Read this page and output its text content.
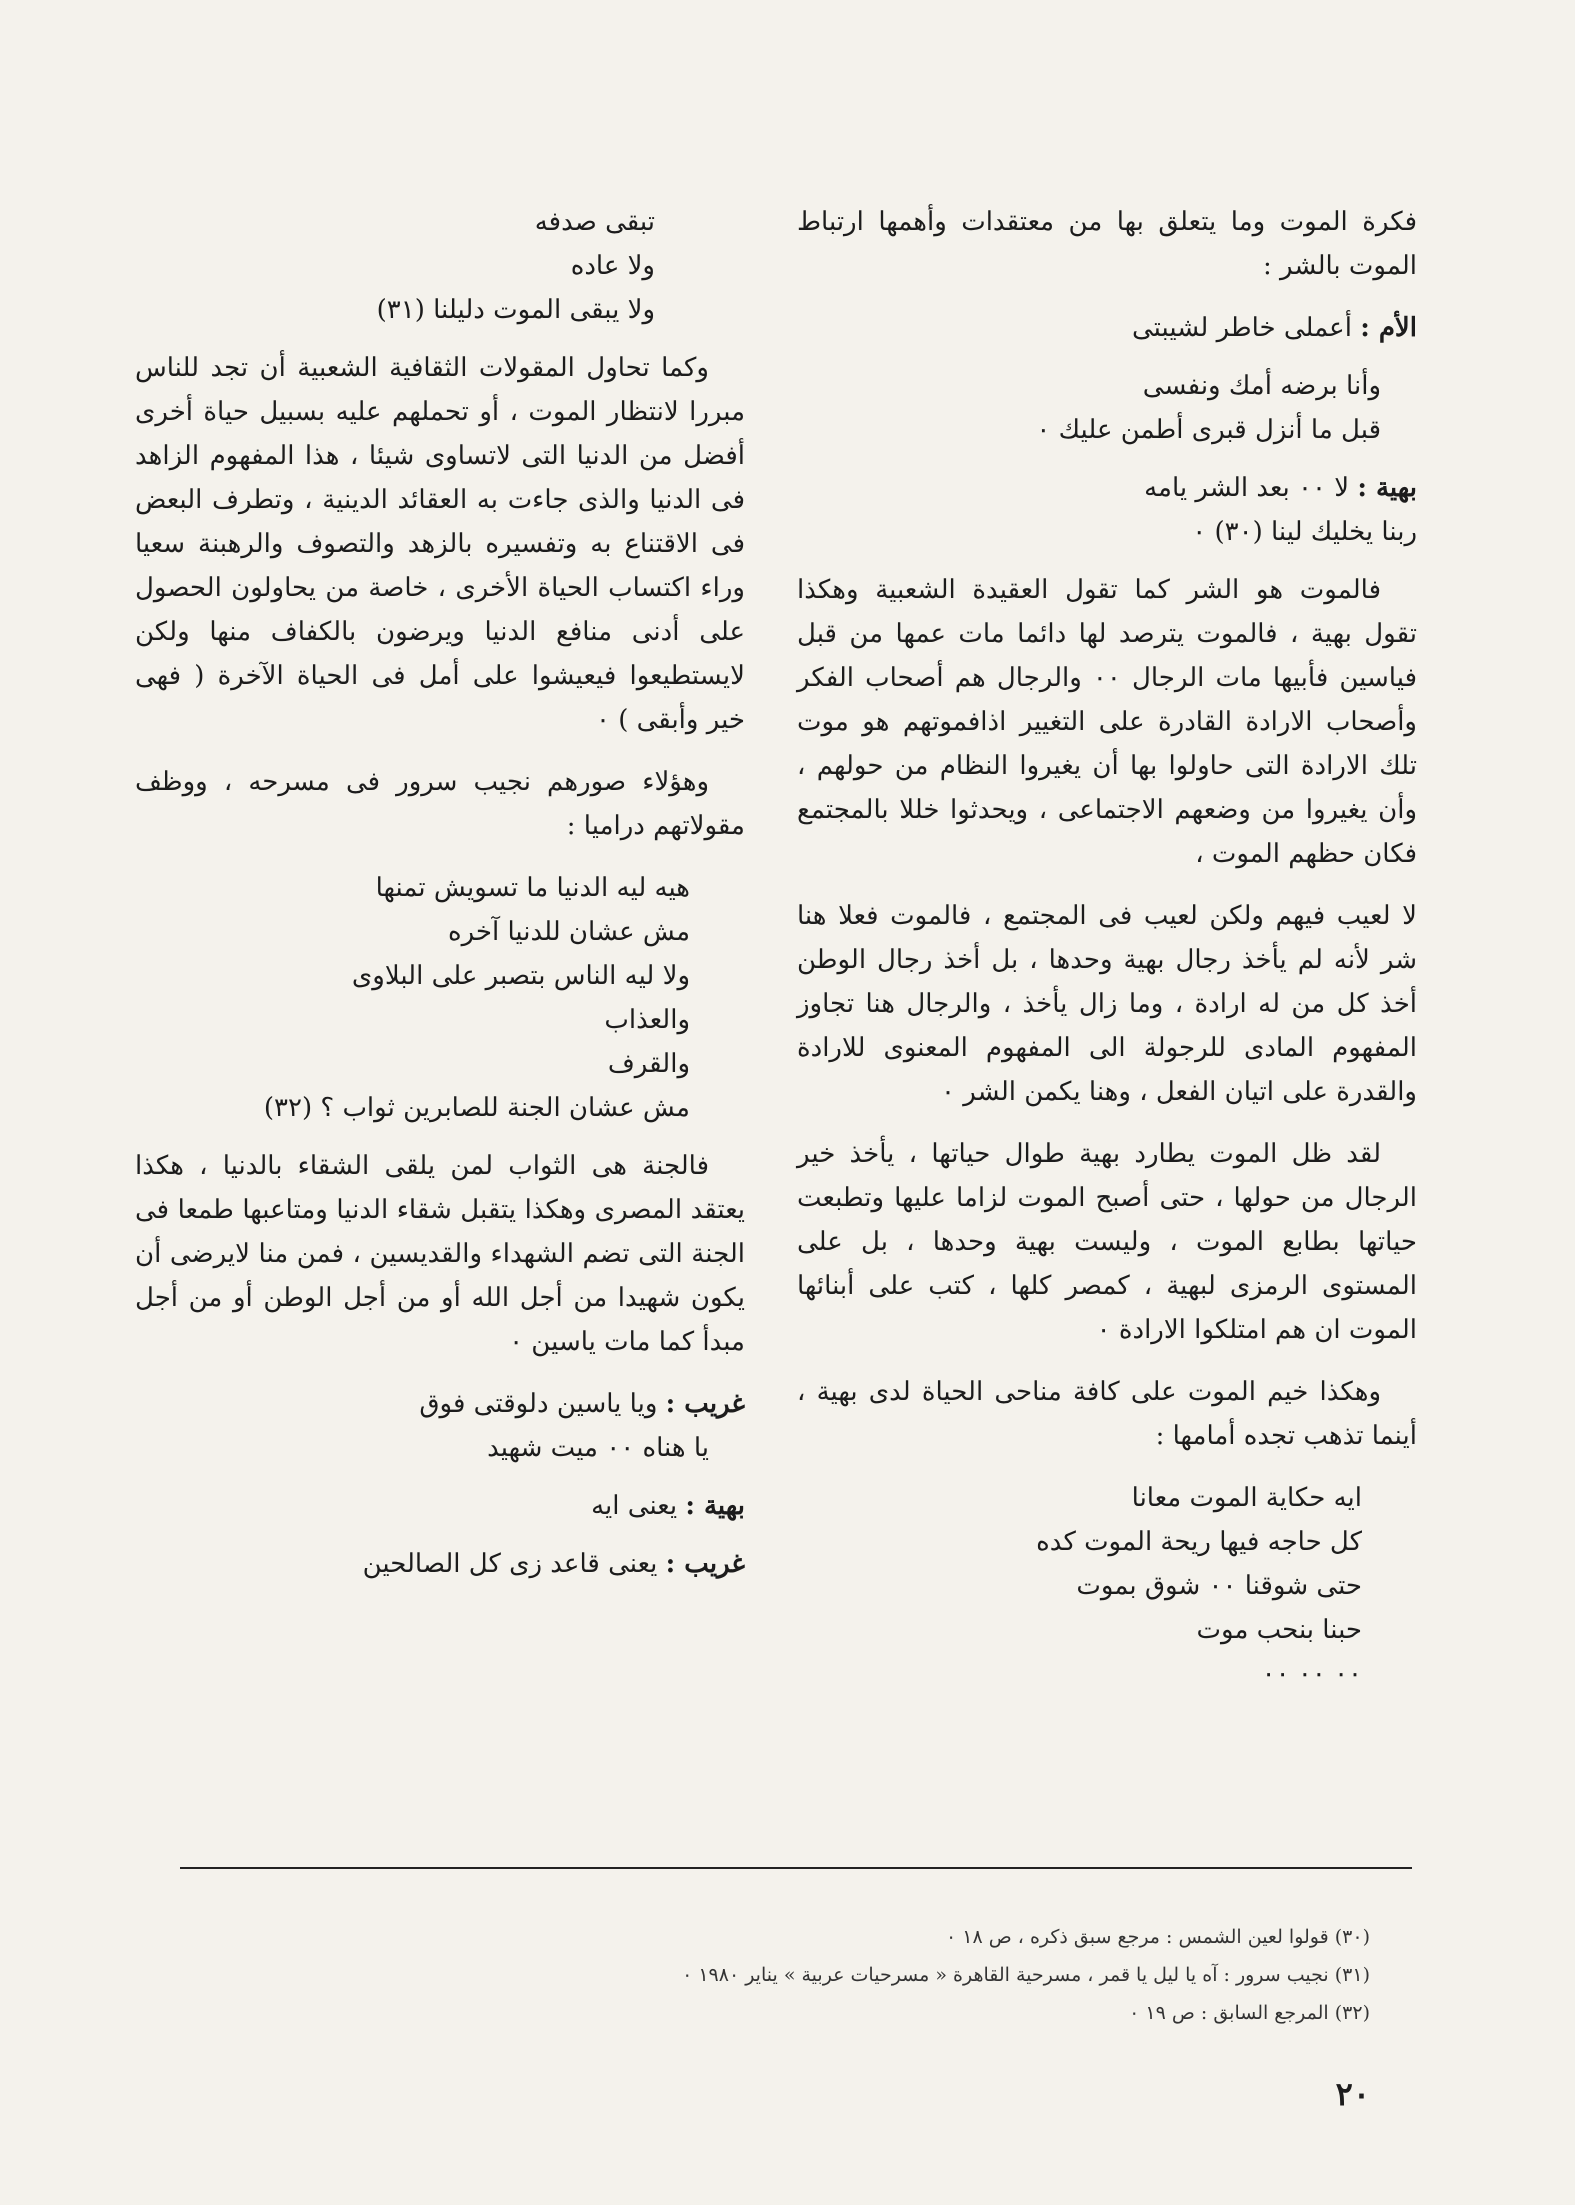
فكرة الموت وما يتعلق بها من معتقدات وأهمها ارتباط الموت بالشر :

الأم : أعملى خاطر لشيبتى
وأنا برضه أمك ونفسى
قبل ما أنزل قبرى أطمن عليك ٠
بهية : لا ٠٠ بعد الشر يامه
ربنا يخليك لينا (٣٠) ٠

فالموت هو الشر كما تقول العقيدة الشعبية وهكذا تقول بهية ، فالموت يترصد لها دائما مات عمها من قبل فياسين فأبيها مات الرجال ٠٠ والرجال هم أصحاب الفكر وأصحاب الارادة القادرة على التغيير اذافموتهم هو موت تلك الارادة التى حاولوا بها أن يغيروا النظام من حولهم ، وأن يغيروا من وضعهم الاجتماعى ، ويحدثوا خللا بالمجتمع فكان حظهم الموت ،

لا لعيب فيهم ولكن لعيب فى المجتمع ، فالموت فعلا هنا شر لأنه لم يأخذ رجال بهية وحدها ، بل أخذ رجال الوطن أخذ كل من له ارادة ، وما زال يأخذ ، والرجال هنا تجاوز المفهوم المادى للرجولة الى المفهوم المعنوى للارادة والقدرة على اتيان الفعل ، وهنا يكمن الشر ٠

لقد ظل الموت يطارد بهية طوال حياتها ، يأخذ خير الرجال من حولها ، حتى أصبح الموت لزاما عليها وتطبعت حياتها بطابع الموت ، وليست بهية وحدها ، بل على المستوى الرمزى لبهية ، كمصر كلها ، كتب على أبنائها الموت ان هم امتلكوا الارادة ٠

وهكذا خيم الموت على كافة مناحى الحياة لدى بهية ، أينما تذهب تجده أمامها :

ايه حكاية الموت معانا
كل حاجه فيها ريحة الموت كده
حتى شوقنا ٠٠ شوق بموت
حبنا بنحب موت
٠٠ ٠٠ ٠٠
تبقى صدفه
ولا عاده
ولا يبقى الموت دليلنا (٣١)

وكما تحاول المقولات الثقافية الشعبية أن تجد للناس مبررا لانتظار الموت ، أو تحملهم عليه بسبيل حياة أخرى أفضل من الدنيا التى لاتساوى شيئا ، هذا المفهوم الزاهد فى الدنيا والذى جاءت به العقائد الدينية ، وتطرف البعض فى الاقتناع به وتفسيره بالزهد والتصوف والرهبنة سعيا وراء اكتساب الحياة الأخرى ، خاصة من يحاولون الحصول على أدنى منافع الدنيا ويرضون بالكفاف منها ولكن لايستطيعوا فيعيشوا على أمل فى الحياة الآخرة ( فهى خير وأبقى ) ٠

وهؤلاء صورهم نجيب سرور فى مسرحه ، ووظف مقولاتهم دراميا :

هيه ليه الدنيا ما تسويش تمنها
مش عشان للدنيا آخره
ولا ليه الناس بتصبر على البلاوى
والعذاب
والقرف
مش عشان الجنة للصابرين ثواب ؟ (٣٢)

فالجنة هى الثواب لمن يلقى الشقاء بالدنيا ، هكذا يعتقد المصرى وهكذا يتقبل شقاء الدنيا ومتاعبها طمعا فى الجنة التى تضم الشهداء والقديسين ، فمن منا لايرضى أن يكون شهيدا من أجل الله أو من أجل الوطن أو من أجل مبدأ كما مات ياسين ٠

غريب : ويا ياسين دلوقتى فوق
يا هناه ٠٠ ميت شهيد
بهية : يعنى ايه
غريب : يعنى قاعد زى كل الصالحين
(٣٠) قولوا لعين الشمس : مرجع سبق ذكره ، ص ١٨ ٠
(٣١) نجيب سرور : آه يا ليل يا قمر ، مسرحية القاهرة « مسرحيات عربية » يناير ١٩٨٠ ٠
(٣٢) المرجع السابق : ص ١٩ ٠
٢٠
